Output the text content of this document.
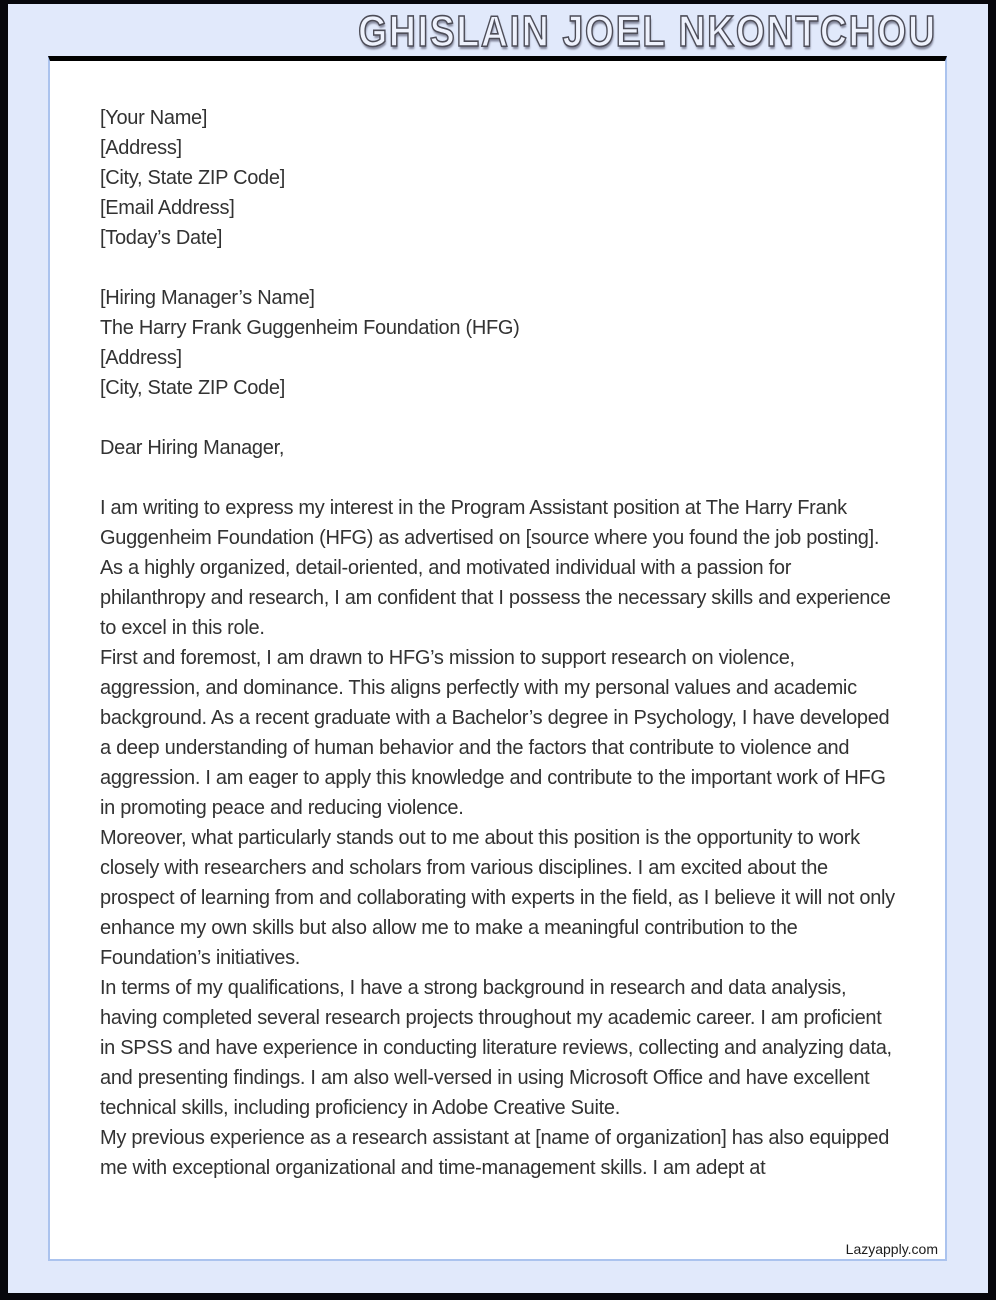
GHISLAIN JOEL NKONTCHOU

[Your Name]

[Address]

[City, State ZIP Code]

[Email Address]

[Today’s Date]

[Hiring Manager’s Name]

The Harry Frank Guggenheim Foundation (HFG)

[Address]

[City, State ZIP Code]

Dear Hiring Manager,

I am writing to express my interest in the Program Assistant position at The Harry Frank Guggenheim Foundation (HFG) as advertised on [source where you found the job posting]. As a highly organized, detail-oriented, and motivated individual with a passion for philanthropy and research, I am confident that I possess the necessary skills and experience to excel in this role.

First and foremost, I am drawn to HFG’s mission to support research on violence, aggression, and dominance. This aligns perfectly with my personal values and academic background. As a recent graduate with a Bachelor’s degree in Psychology, I have developed a deep understanding of human behavior and the factors that contribute to violence and aggression. I am eager to apply this knowledge and contribute to the important work of HFG in promoting peace and reducing violence.

Moreover, what particularly stands out to me about this position is the opportunity to work closely with researchers and scholars from various disciplines. I am excited about the prospect of learning from and collaborating with experts in the field, as I believe it will not only enhance my own skills but also allow me to make a meaningful contribution to the Foundation’s initiatives.

In terms of my qualifications, I have a strong background in research and data analysis, having completed several research projects throughout my academic career. I am proficient in SPSS and have experience in conducting literature reviews, collecting and analyzing data, and presenting findings. I am also well-versed in using Microsoft Office and have excellent technical skills, including proficiency in Adobe Creative Suite.

My previous experience as a research assistant at [name of organization] has also equipped me with exceptional organizational and time-management skills. I am adept at

Lazyapply.com
